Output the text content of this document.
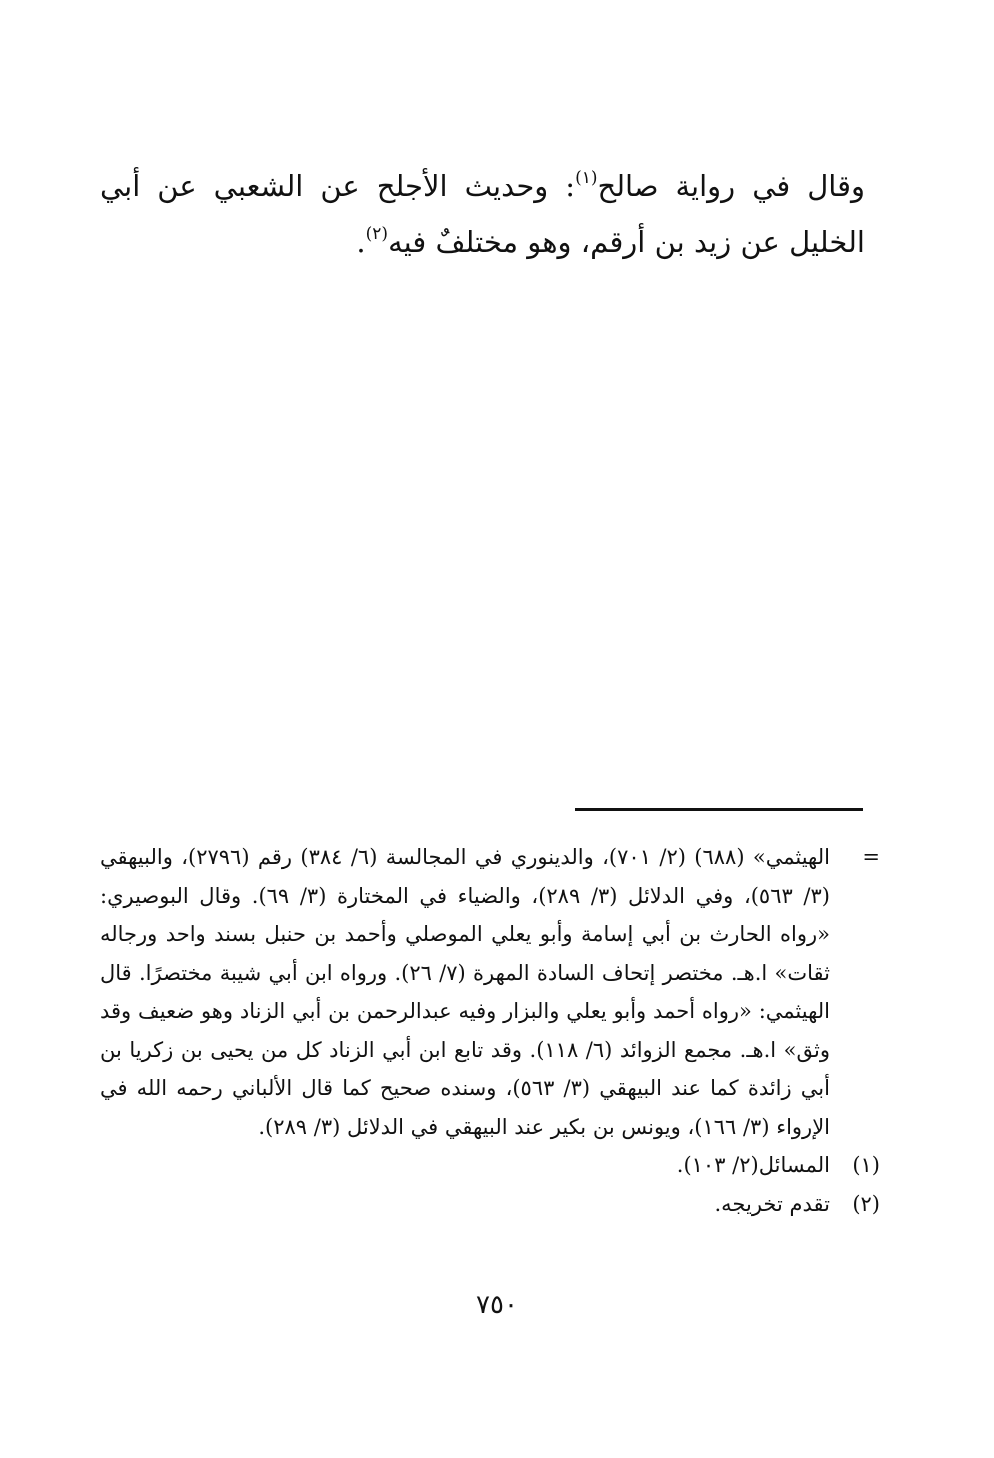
وقال في رواية صالح$^{(١)}$: وحديث الأجلح عن الشعبي عن أبي الخليل عن زيد بن أرقم، وهو مختلفٌ فيه$^{(٢)}$.

=
الهيثمي» (٦٨٨) (٢/ ٧٠١)، والدينوري في المجالسة (٦/ ٣٨٤) رقم (٢٧٩٦)، والبيهقي (٣/ ٥٦٣)، وفي الدلائل (٣/ ٢٨٩)، والضياء في المختارة (٣/ ٦٩). وقال البوصيري: «رواه الحارث بن أبي إسامة وأبو يعلي الموصلي وأحمد بن حنبل بسند واحد ورجاله ثقات» ا.هـ. مختصر إتحاف السادة المهرة (٧/ ٢٦). ورواه ابن أبي شيبة مختصرًا. قال الهيثمي: «رواه أحمد وأبو يعلي والبزار وفيه عبدالرحمن بن أبي الزناد وهو ضعيف وقد وثق» ا.هـ. مجمع الزوائد (٦/ ١١٨). وقد تابع ابن أبي الزناد كل من يحيى بن زكريا بن أبي زائدة كما عند البيهقي (٣/ ٥٦٣)، وسنده صحيح كما قال الألباني رحمه الله في الإرواء (٣/ ١٦٦)، ويونس بن بكير عند البيهقي في الدلائل (٣/ ٢٨٩).
(١)
المسائل(٢/ ١٠٣).
(٢)
تقدم تخريجه.
٧٥٠
